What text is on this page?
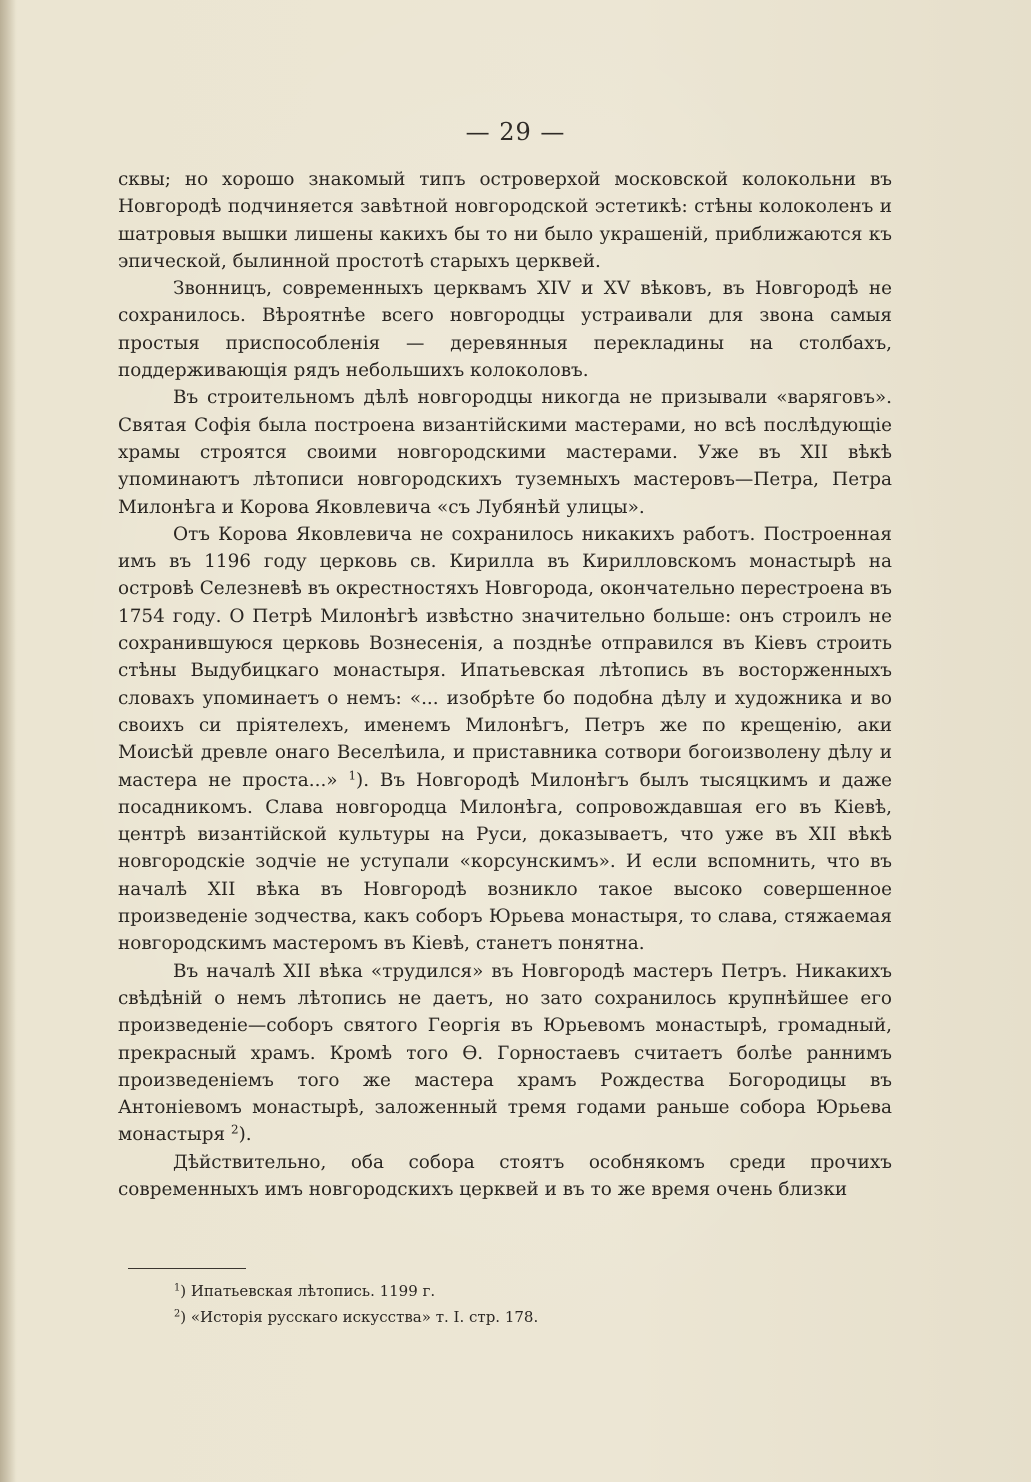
— 29 —

сквы; но хорошо знакомый типъ островерхой московской колокольни въ Новгородѣ подчиняется завѣтной новгородской эстетикѣ: стѣны колоколенъ и шатровыя вышки лишены какихъ бы то ни было украшеній, приближаются къ эпической, былинной простотѣ старыхъ церквей.

Звонницъ, современныхъ церквамъ XIV и XV вѣковъ, въ Новгородѣ не сохранилось. Вѣроятнѣе всего новгородцы устраивали для звона самыя простыя приспособленія — деревянныя перекладины на столбахъ, поддерживающія рядъ небольшихъ колоколовъ.

Въ строительномъ дѣлѣ новгородцы никогда не призывали «варяговъ». Святая Софія была построена византійскими мастерами, но всѣ послѣдующіе храмы строятся своими новгородскими мастерами. Уже въ XII вѣкѣ упоминаютъ лѣтописи новгородскихъ туземныхъ мастеровъ—Петра, Петра Милонѣга и Корова Яковлевича «съ Лубянѣй улицы».

Отъ Корова Яковлевича не сохранилось никакихъ работъ. Построенная имъ въ 1196 году церковь св. Кирилла въ Кирилловскомъ монастырѣ на островѣ Селезневѣ въ окрестностяхъ Новгорода, окончательно перестроена въ 1754 году. О Петрѣ Милонѣгѣ извѣстно значительно больше: онъ строилъ не сохранившуюся церковь Вознесенія, а позднѣе отправился въ Кіевъ строить стѣны Выдубицкаго монастыря. Ипатьевская лѣтопись въ восторженныхъ словахъ упоминаетъ о немъ: «... изобрѣте бо подобна дѣлу и художника и во своихъ си пріятелехъ, именемъ Милонѣгъ, Петръ же по крещенію, аки Моисѣй древле онаго Веселѣила, и приставника сотвори богоизволену дѣлу и мастера не проста...» $^1$). Въ Новгородѣ Милонѣгъ былъ тысяцкимъ и даже посадникомъ. Слава новгородца Милонѣга, сопровождавшая его въ Кіевѣ, центрѣ византійской культуры на Руси, доказываетъ, что уже въ XII вѣкѣ новгородскіе зодчіе не уступали «корсунскимъ». И если вспомнить, что въ началѣ XII вѣка въ Новгородѣ возникло такое высоко совершенное произведеніе зодчества, какъ соборъ Юрьева монастыря, то слава, стяжаемая новгородскимъ мастеромъ въ Кіевѣ, станетъ понятна.

Въ началѣ XII вѣка «трудился» въ Новгородѣ мастеръ Петръ. Никакихъ свѣдѣній о немъ лѣтопись не даетъ, но зато сохранилось крупнѣйшее его произведеніе—соборъ святого Георгія въ Юрьевомъ монастырѣ, громадный, прекрасный храмъ. Кромѣ того Ѳ. Горностаевъ считаетъ болѣе раннимъ произведеніемъ того же мастера храмъ Рождества Богородицы въ Антоніевомъ монастырѣ, заложенный тремя годами раньше собора Юрьева монастыря $^2$).

Дѣйствительно, оба собора стоятъ особнякомъ среди прочихъ современныхъ имъ новгородскихъ церквей и въ то же время очень близки

$^1$) Ипатьевская лѣтопись. 1199 г.
$^2$) «Исторія русскаго искусства» т. I. стр. 178.
